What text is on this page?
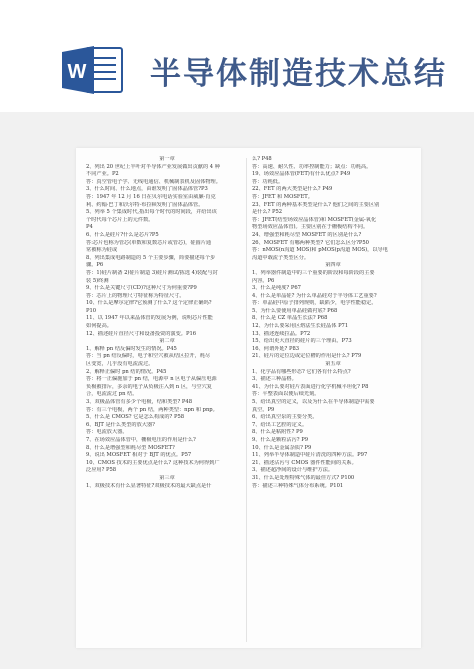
W 半导体制造技术总结
第一章
2、列出 20 世纪上半叶对半导体产业发展做出贡献的 4 种
不同产业。P2
答：真空管电子学、无线电通信、机械制表机及固体物理。
3、什么时间、什么地点，由谁发明了固体晶体管?P3
答：1947 年 12 月 16 日在贝尔电话实验室由威廉·肖克
利、约翰·巴丁和沃尔特·布拉顿发明了固体晶体管。
5、列举 5 个集成时代,指出每个时代的时间段，并给出该
个时代每个芯片上的元件数。
P4
6、什么是硅片?什么是芯片?P5
答:芯片也称为管芯(单数和复数芯片或管芯)，硅圆片通
常被称为硅或
8、列出集成电路制造的 5 个主要步骤，简要描述每个步
骤。P6
答：1)硅片制备 2)硅片制造 3)硅片测试/拣选 4)装配与封
装 5)终测
9、什么是关键尺寸(CD)?这种尺寸为何重要?P9
答：芯片上的物理尺寸特征称为特征尺寸。
10、什么是摩尔定律?它预测了什么? 这个定律正确吗?
P10
11、以 1947 年以来晶体管的发展为例，说明芯片性能
如何提高。
12、描述硅片直径尺寸和设备投资的演变。P16
第二章
1、解释 pn 结反偏时发生的情况。P45
答：当 pn 结反偏时，电子和空穴被从结区拉开，耗尽
区变宽，几乎没有电流流过。
2、解释正偏时 pn 结的情况。P45
答：将一正偏施加于 pn 结，电源中 n 区电子从偏压电源
负极被排斥，多余的电子从负极注入到 n 区，与空穴复
合，电流流过 pn 结。
3、双极晶体管有多少个电极，结和类型? P48
答：有三个电极，两个 pn 结，两种类型：npn 和 pnp。
5、什么是 CMOS? 它是怎么构成的? P58
6、BJT 是什么类型的放大器?
答：电流放大器。
7、在场效应晶体管中，栅极电压的作用是什么?
8、什么是增强型和耗尽型 MOSFET?
9、说出 MOSFET 相对于 BJT 的优点。P57
10、CMOS 技术的主要优点是什么? 这种技术为何得到广
泛应用? P58
第三章
1、双极技术有什么显著特征?双极技术的最大缺点是什
么? P48
答：高速、耐久性、功率控制能力；缺点：功耗高。
19、场效应晶体管(FET)有什么优点? P49
答：功耗低。
22、FET 的两大类型是什么? P49
答：JFET 和 MOSFET。
23、FET 的两种基本类型是什么? 他们之间的主要区别
是什么? P52
答：JFET(结型场效应晶体管)和 MOSFET(金属-氧化
物型场效应晶体管)。主要区别在于栅极结构不同。
24、增强型和耗尽型 MOSFET 的区别是什么?
26、MOSFET 有哪两种类型? 它们怎么区分?P50
答：nMOS(n沟道 MOS)和 pMOS(p沟道 MOS)，以导电
沟道中载流子类型区分。
第四章
1、列举器件制造中的三个重要的阶段和每阶段的主要
内容。P6
3、什么是纯度? P67
4、什么是单晶硅? 为什么单晶硅对于半导体工艺重要?
答：单晶硅中原子排列规则，缺陷少，电学性能稳定。
5、为什么要使用单晶硅做衬底? P68
8、什么是 CZ 单晶生长法? P68
12、为什么要采用区熔法生长硅晶体 P71
13、描述连续拉晶。P72
15、给出更大直径的硅片的三个理由。P73
16、何谓外延? P83
21、硅片的定位边或定位槽的作用是什么? P79
第五章
1、化学品有哪些形态? 它们各有什么特点?
3、描述三种晶格。
41、为什么要对硅片表面进行化学机械平坦化? P8
答：平整表面以便后续光刻。
5、给出真空的定义，以及为什么在半导体制造中需要
真空。P9
6、给出真空泵的主要分类。
7、给出工艺腔的定义。
8、什么是粘附性? P9
9、什么是颗粒沾污? P9
10、什么是金属杂质? P9
11、列举半导体制造中硅片清洗的四种方法。P97
21、描述沾污与 CMOS 器件性能间的关系。
3、描述超净间的设计与维护方法。
31、什么是处理特殊气体的最佳方式? P100
答：描述三种特殊气体分布系统。P101
